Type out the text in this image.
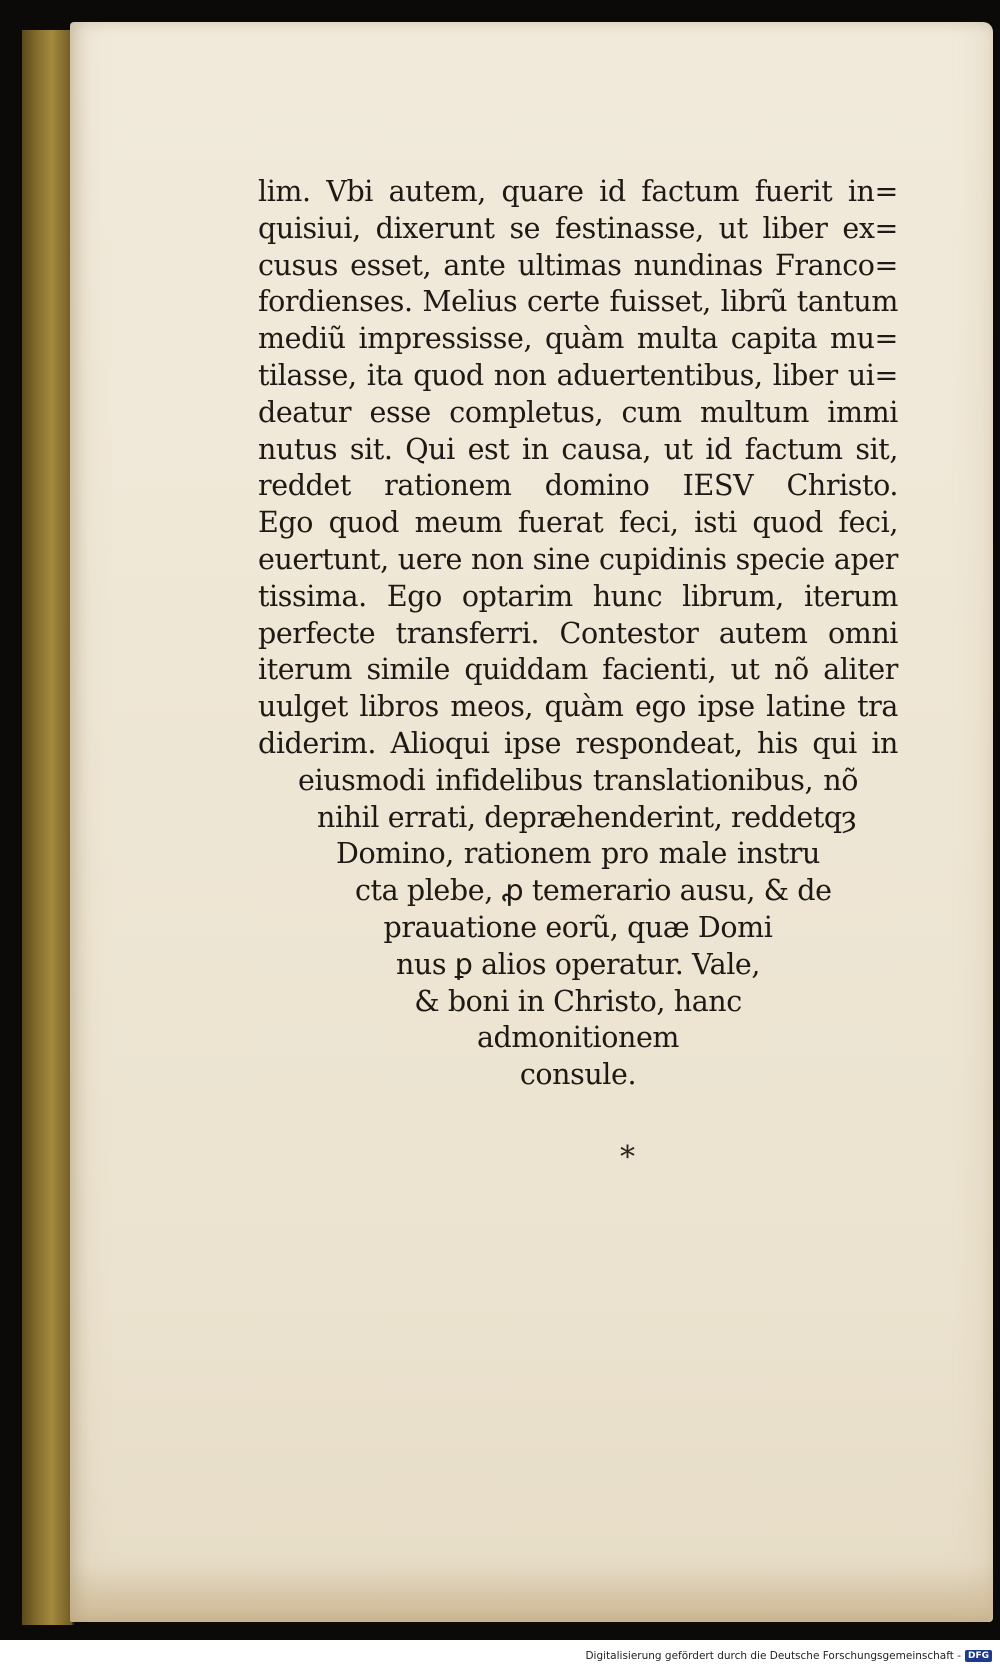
lim. Vbi autem, quare id factum fuerit in=
quisiui, dixerunt se festinasse, ut liber ex=
cusus esset, ante ultimas nundinas Franco=
fordienses. Melius certe fuisset, librũ tantum
mediũ impressisse, quàm multa capita mu=
tilasse, ita quod non aduertentibus, liber ui=
deatur esse completus, cum multum immi
nutus sit. Qui est in causa, ut id factum sit,
reddet rationem domino IESV Christo.
Ego quod meum fuerat feci, isti quod feci,
euertunt, uere non sine cupidinis specie aper
tissima. Ego optarim hunc librum, iterum
perfecte transferri. Contestor autem omni
iterum simile quiddam facienti, ut nõ aliter
uulget libros meos, quàm ego ipse latine tra
diderim. Alioqui ipse respondeat, his qui in
eiusmodi infidelibus translationibus, nõ
nihil errati, depræhenderint, reddetqȝ
Domino, rationem pro male instru
cta plebe, ꝓ temerario ausu, & de
prauatione eorũ, quæ Domi
nus ꝑ alios operatur. Vale,
& boni in Christo, hanc
admonitionem
consule.
*
Digitalisierung gefördert durch die Deutsche Forschungsgemeinschaft - DFG
